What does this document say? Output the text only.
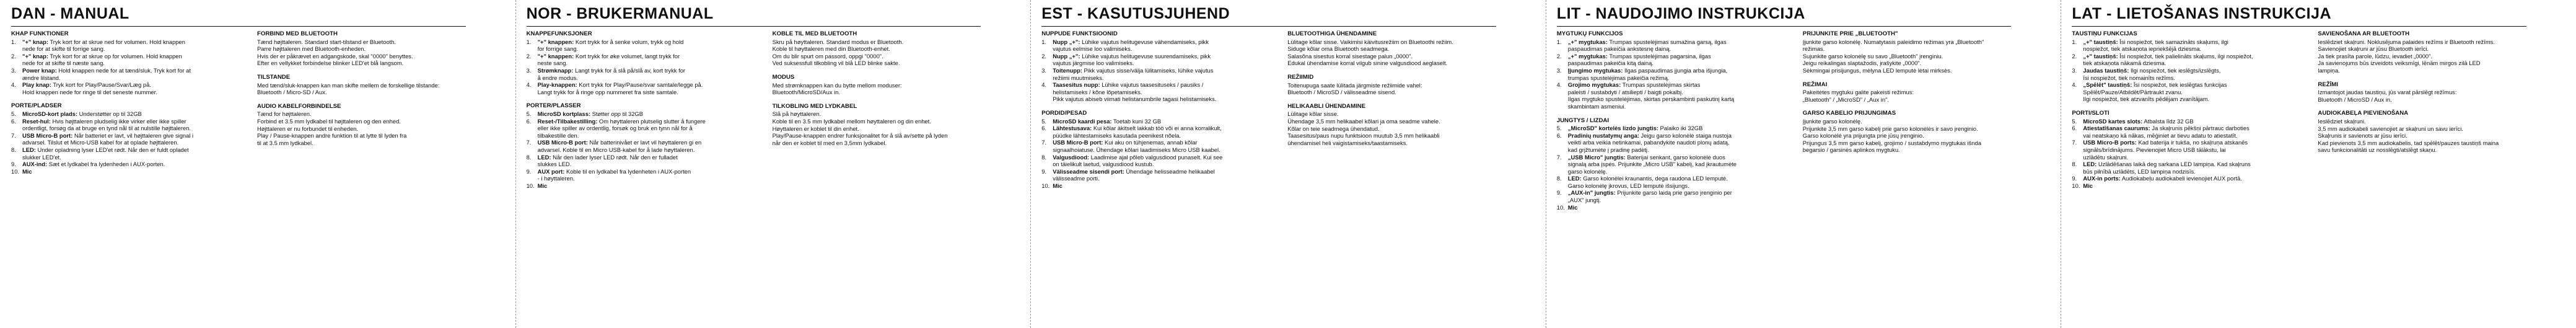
DAN - MANUAL
KHAP FUNKTIONER
1. "+" knap: Tryk kort for at skrue ned for volumen. Hold knappen
nede for at skifte til forrige sang.
2. "+" knap: Tryk kort for at skrue op for volumen. Hold knappen
nede for at skifte til næste sang.
3. Power knap: Hold knappen nede for at tænd/sluk. Tryk kort for at
ændre lilstand.
4. Play knap: Tryk kort for Play/Pause/Svar/Læg på.
Hold knappen nede for ringe til det seneste nummer.
PORTE/PLADSER
5. MicroSD-kort plads: Understøtter op til 32GB
6. Reset-hul: Hvis højttaleren pludselig ikke virker eller ikke spiller
ordentligt, forsøg da at bruge en tynd nål til at nulstille højttaleren.
7. USB Micro-B port: Når batteriet er lavt, vil højttaleren give signal i
advarsel. Tilslut et Micro-USB kabel for at oplade højttaleren.
8. LED: Under opladning lyser LED'et rødt. Når den er fuldt opladet
slukker LED'et.
9. AUX-ind: Sæt et lydkabel fra lydenheden i AUX-porten.
10. Mic
FORBIND MED BLUETOOTH
Tænd højttaleren. Standard start-tilstand er Bluetooth.
Parre højttaleren med Bluetooth-enheden.
Hvis der er påkrævet en adgangskode, skal "0000" benyttes.
Efter en vellykket forbindelse blinker LED'et blå langsom.
TILSTANDE
Med tænd/sluk-knappen kan man skifte mellem de forskellige tilstande:
Bluetooth / Micro-SD / Aux.
AUDIO KABELFORBINDELSE
Tænd for højttaleren.
Forbind et 3.5 mm lydkabel til højttaleren og den enhed.
Højttaleren er nu forbundet til enheden.
Play / Pause-knappen andre funktion til at lytte til lyden fra
til at 3.5 mm lydkabel.
NOR - BRUKERMANUAL
KNAPPEFUNKSJONER
1. "+" knappen: Kort trykk for å senke volum, trykk og hold
for forrige sang.
2. "+" knappen: Kort trykk for øke volumet, langt trykk for
neste sang.
3. Strømknapp: Langt trykk for å slå på/slå av, kort trykk for
å endre modus.
4. Play-knappen: Kort trykk for Play/Pause/svar samtale/legge på.
Langt trykk for å ringe opp nummeret fra siste samtale.
PORTER/PLASSER
5. MicroSD kortplass: Støtter opp til 32GB
6. Reset-/Tilbakestilling: Om høyttaleren plutselig slutter å fungere
eller ikke spiller av ordentlig, forsøk og bruk en tynn nål for å
tilbakestille den.
7. USB Micro-B port: Når batterinivået er lavt vil høyttaleren gi en
advarsel. Koble til en Micro USB-kabel for å lade høyttaleren.
8. LED: Når den lader lyser LED rødt. Når den er fulladet
slukkes LED.
9. AUX port: Koble til en lydkabel fra lydenheten i AUX-porten
- i høyttaleren.
10. Mic
KOBLE TIL MED BLUETOOTH
Skru på høyttaleren. Standard modus er Bluetooth.
Koble til høyttaleren med din Bluetooth-enhet.
Om du blir spurt om passord, oppgi "0000".
Ved suksessfull tilkobling vil blå LED blinke sakte.
MODUS
Med strømknappen kan du bytte mellom moduser:
Bluetooth/MicroSD/Aux in.
TILKOBLING MED LYDKABEL
Slå på høyttaleren.
Koble til en 3.5 mm lydkabel mellom høyttaleren og din enhet.
Høyttaleren er koblet til din enhet.
Play/Pause-knappen endrer funksjonalitet for å slå av/sette på lyden
når den er koblet til med en 3,5mm lydkabel.
EST - KASUTUSJUHEND
NUPPUDE FUNKTSIOONID
1. Nupp „+": Lühike vajutus helitugevuse vähendamiseks, pikk
vajutus eelmise loo valimiseks.
2. Nupp „+": Lühike vajutus helitugevuse suurendamiseks, pikk
vajutus järgmise loo valimiseks.
3. Toitenupp: Pikk vajutus sisse/välja lülitamiseks, lühike vajutus
režiimi muutmiseks.
4. Taasesitus nupp: Lühike vajutus taasesituseks / pausiks /
helistamiseks / kõne lõpetamiseks.
Pikk vajutus abiseb viimati helistanumbrile tagasi helistamiseks.
PORDID/PESAD
5. MicroSD kaardi pesa: Toetab kuni 32 GB
6. Lähtestusava: Kui kõlar äkitselt lakkab töö või ei anna korralikult,
püüdke lähtestamiseks kasutada peenikest nõela.
7. USB Micro-B port: Kui aku on tühjenemas, annab kõlar
signaalhoiatuse. Ühendage kõlari laadimiseks Micro USB kaabel.
8. Valgusdiood: Laadimise ajal põleb valgusdiood punaselt. Kui see
on täielikult laetud, valgusdiood kustub.
9. Välisseadme sisendi port: Ühendage helisseadme helikaabel
välisseadme porti.
10. Mic
BLUETOOTHIGA ÜHENDAMINE
Lülitage kõlar sisse. Vaikimisi käivitusrežiim on Bluetoothi režiim.
Siduge kõlar oma Bluetooth seadmega.
Salasõna sisestus korral sisestage palun „0000".
Edukal ühendamise korral vilgub sinine valgusdiood aeglaselt.
REŽIIMID
Toitenupuga saate lülitada järgmiste režiimide vahel:
Bluetooth / MicroSD / välisseadme sisend.
HELIKAABLI ÜHENDAMINE
Lülitage kõlar sisse.
Ühendage 3,5 mm helikaabel kõlari ja oma seadme vahele.
Kõlar on teie seadmega ühendatud.
Taasesitus/paus nupu funktsioon muutub 3,5 mm helikaabli
ühendamisel heli vaigistamiseks/taastamiseks.
LIT - NAUDOJIMO INSTRUKCIJA
MYGTUKŲ FUNKCIJOS
1. „+" mygtukas: Trumpas spustelėjimas sumažina garsą, ilgas
paspaudimas pakeičia ankstesnę dainą.
2. „+" mygtukas: Trumpas spustelėjimas pagarsina, ilgas
paspaudimas pakeičia kitą dainą.
3. Įjungimo mygtukas: Ilgas paspaudimas įjungia arba išjungia,
trumpas spustelėjimas pakeičia režimą.
4. Grojimo mygtukas: Trumpas spustelėjimas skirtas
paleisti / sustabdyti / atsiliepti / baigti pokalbį.
Ilgas mygtuko spustelėjimas, skirtas perskambinti paskutinį kartą
skambintam asmeniui.
JUNGTYS / LIZDAI
5. „MicroSD" kortelės lizdo jungtis: Palaiko iki 32GB
6. Pradinių nustatymų anga: Jeigu garso kolonėlė staiga nustoja
veikti arba veikia netinkamai, pabandykite naudoti plonų adatą,
kad grįžtumėte į pradinę padėtį.
7. „USB Micro" jungtis: Baterijai senkant, garso kolonėlė duos
signalą arba įspės. Prijunkite „Micro USB" kabelį, kad įkrautumėte
garso kolonėlę.
8. LED: Garso kolonėlei kraunantis, dega raudona LED lemputė.
Garso kolonėlę įkrovus, LED lemputė išsijungs.
9. „AUX-in" jungtis: Prijunkite garso laidą prie garso įrenginio per
„AUX" jungtį.
10. Mic
PRIJUNKITE PRIE „BLUETOOTH"
Įjunkite garso kolonėlę. Numatytasis paleidimo režimas yra „Bluetooth"
režimas.
Sujunkite garso kolonėlę su savo „Bluetooth" įrenginiu.
Jeigu reikalingas slaptažodis, įrašykite „0000".
Sėkmingai prisijungus, mėlyna LED lemputė lėtai mirksės.
REŽIMAI
Pakeitėtes mygtuku galite pakeisti režimus:
„Bluetooth" / „MicroSD" / „Aux in".
GARSO KABELIO PRIJUNGIMAS
Įjunkite garso kolonėlę.
Prijunkite 3,5 mm garso kabelį prie garso kolonėlės ir savo įrenginio.
Garso kolonėlė yra prijungta prie jūsų įrenginio.
Prijungus 3,5 mm garso kabelį, grojimo / sustabdymo mygtukas išnda
begarsio / garsinės aplinkos mygtuku.
LAT - LIETOŠANAS INSTRUKCIJA
TAUSTIŅU FUNKCIJAS
1. „+" taustiņš: Īsi nospiežot, tiek samazināts skaļums, ilgi
nospiežot, tiek atskaņota iepriekšējā dziesma.
2. „+" taustiņš: Īsi nospiežot, tiek palielināts skaļums, ilgi nospiežot,
tiek atskaņota nākamā dziesma.
3. Jaudas taustiņš: Ilgi nospiežot, tiek ieslēgts/izslēgts,
īsi nospiežot, tiek nomainīts režīms.
4. „Spēlēt" taustiņš: Īsi nospiežot, tiek ieslēgtas funkcijas
Spēlēt/Pauze/Atbildēt/Pārtraukt zvanu.
Ilgi nospiežot, tiek atzvanīts pēdējam zvanītājam.
PORTI/SLOTI
5. MicroSD kartes slots: Atbalsta līdz 32 GB
6. Atiestatīšanas caurums: Ja skaļrunis pēkšņi pārtrauc darboties
vai neatskaņo kā nākas, mēģiniet ar tievu adatu to atiestatīt.
7. USB Micro-B ports: Kad baterija ir tukša, no skaļruņa atskanēs
signāls/brīdinājums. Pievienojiet Micro USB tālākstu, lai
uzlādētu skaļruni.
8. LED: Uzlādēšanas laikā deg sarkana LED lampiņa. Kad skaļruns
būs pilnībā uzlādēts, LED lampiņa nodzisīs.
9. AUX-in ports: Audiokabeļu audiokabeli ievienojiet AUX portā.
10. Mic
SAVIENOŠANA AR BLUETOOTH
Ieslēdziet skaļruni. Noklusējuma palaides režīms ir Bluetooth režīms.
Savienojiet skaļruni ar jūsu Bluetooth ierīci.
Ja tiek prasīta parole, lūdzu, ievadiet „0000".
Ja savienojums būs izveidots veiksmīgi, lēnām mirgos zilā LED
lampiņa.
REŽĪMI
Izmantojot jaudas taustiņu, jūs varat pārslēgt režīmus:
Bluetooth / MicroSD / Aux in.
AUDIOKABEĻA PIEVIENOŠANA
Ieslēdziet skaļruni.
3,5 mm audiokabeli savienojiet ar skaļruni un savu ierīci.
Skaļrunis ir savienots ar jūsu ierīci.
Kad pievienots 3,5 mm audiokabelis, tad spēlēt/pauzes taustiņš maina
savu funkcionalitāti uz nosslēgti/atslēgt skaņu.
